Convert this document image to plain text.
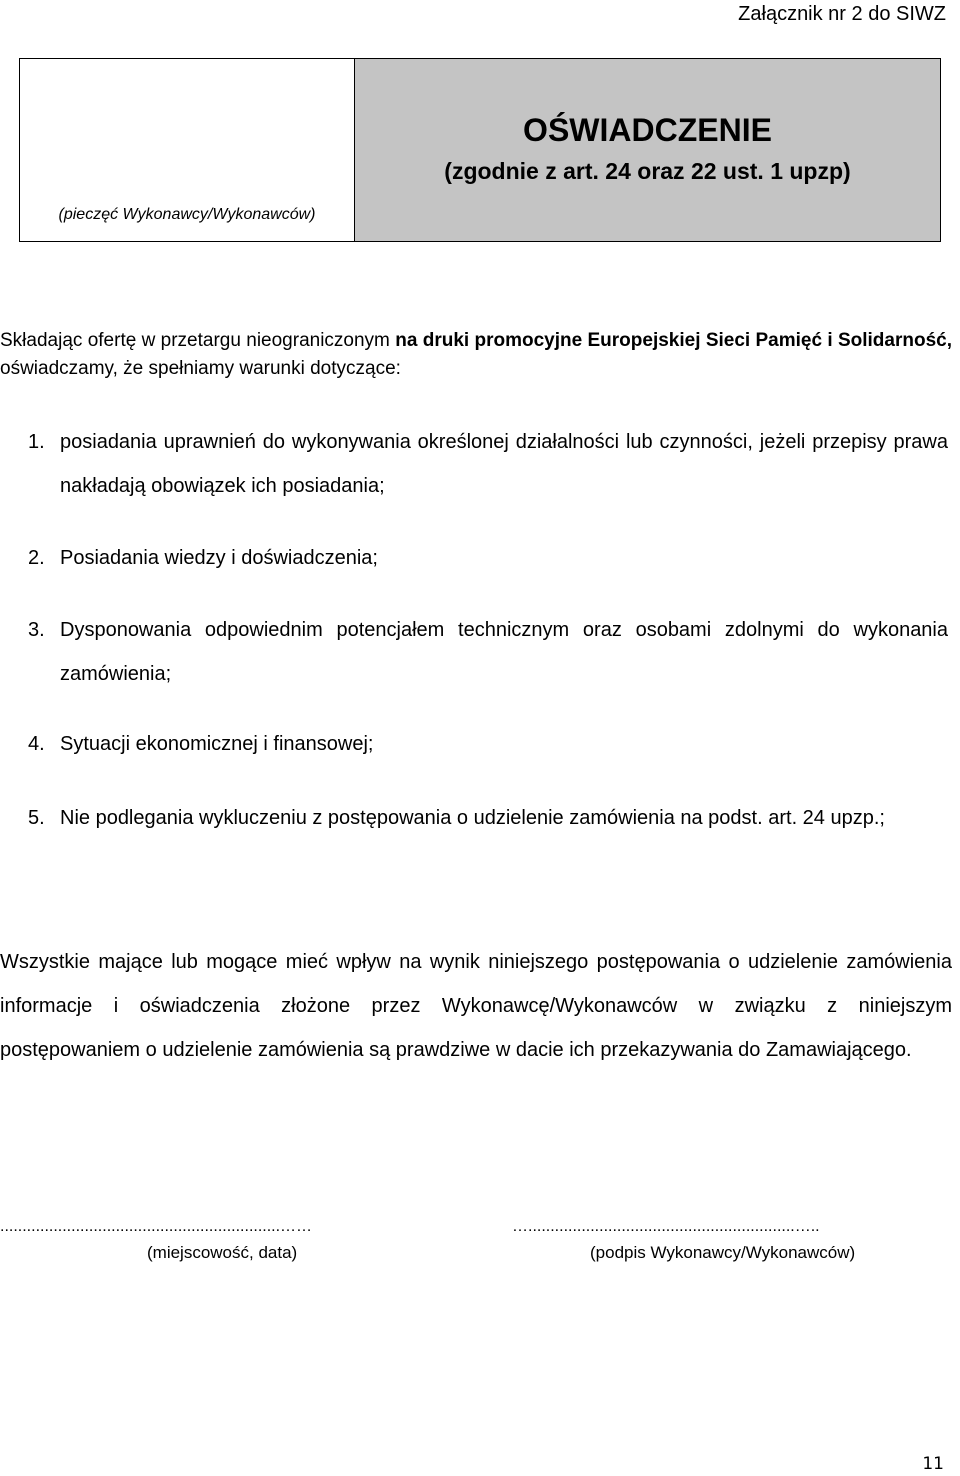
Załącznik nr 2 do SIWZ
(pieczęć Wykonawcy/Wykonawców)
OŚWIADCZENIE
(zgodnie z art. 24 oraz 22 ust. 1 upzp)
Składając ofertę w przetargu nieograniczonym na druki promocyjne Europejskiej Sieci Pamięć i Solidarność, oświadczamy, że spełniamy warunki dotyczące:
1. posiadania uprawnień do wykonywania określonej działalności lub czynności, jeżeli przepisy prawa nakładają obowiązek ich posiadania;
2. Posiadania wiedzy i doświadczenia;
3. Dysponowania odpowiednim potencjałem technicznym oraz osobami zdolnymi do wykonania zamówienia;
4. Sytuacji ekonomicznej i finansowej;
5. Nie podlegania wykluczeniu z postępowania o udzielenie zamówienia na podst. art. 24 upzp.;
Wszystkie mające lub mogące mieć wpływ na wynik niniejszego postępowania o udzielenie zamówienia informacje i oświadczenia złożone przez Wykonawcę/Wykonawców w związku z niniejszym postępowaniem o udzielenie zamówienia są prawdziwe w dacie ich przekazywania do Zamawiającego.
...............................................................……
(miejscowość, data)
…............................................................…..
(podpis Wykonawcy/Wykonawców)
11
